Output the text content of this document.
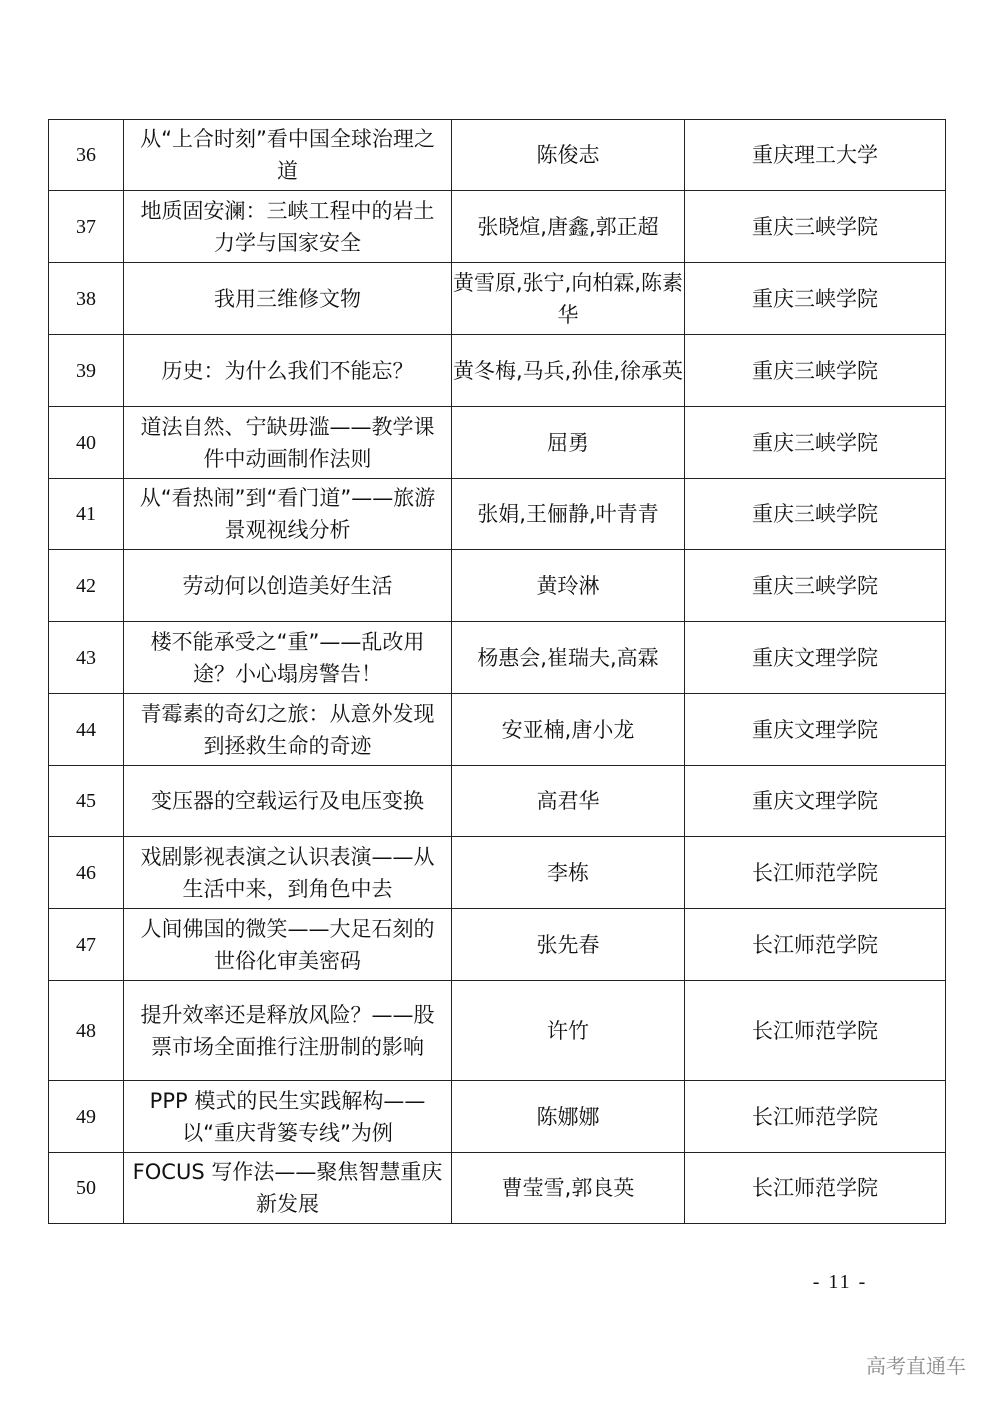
36	从“上合时刻”看中国全球治理之道	陈俊志	重庆理工大学
37	地质固安澜：三峡工程中的岩土力学与国家安全	张晓煊,唐鑫,郭正超	重庆三峡学院
38	我用三维修文物	黄雪原,张宁,向柏霖,陈素华	重庆三峡学院
39	历史：为什么我们不能忘？	黄冬梅,马兵,孙佳,徐承英	重庆三峡学院
40	道法自然、宁缺毋滥——教学课件中动画制作法则	屈勇	重庆三峡学院
41	从“看热闹”到“看门道”——旅游景观视线分析	张娟,王俪静,叶青青	重庆三峡学院
42	劳动何以创造美好生活	黄玲淋	重庆三峡学院
43	楼不能承受之“重”——乱改用途？小心塌房警告！	杨惠会,崔瑞夫,高霖	重庆文理学院
44	青霉素的奇幻之旅：从意外发现到拯救生命的奇迹	安亚楠,唐小龙	重庆文理学院
45	变压器的空载运行及电压变换	高君华	重庆文理学院
46	戏剧影视表演之认识表演——从生活中来，到角色中去	李栋	长江师范学院
47	人间佛国的微笑——大足石刻的世俗化审美密码	张先春	长江师范学院
48	提升效率还是释放风险？——股票市场全面推行注册制的影响	许竹	长江师范学院
49	PPP 模式的民生实践解构——以“重庆背篓专线”为例	陈娜娜	长江师范学院
50	FOCUS 写作法——聚焦智慧重庆新发展	曹莹雪,郭良英	长江师范学院
- 11 -
高考直通车
